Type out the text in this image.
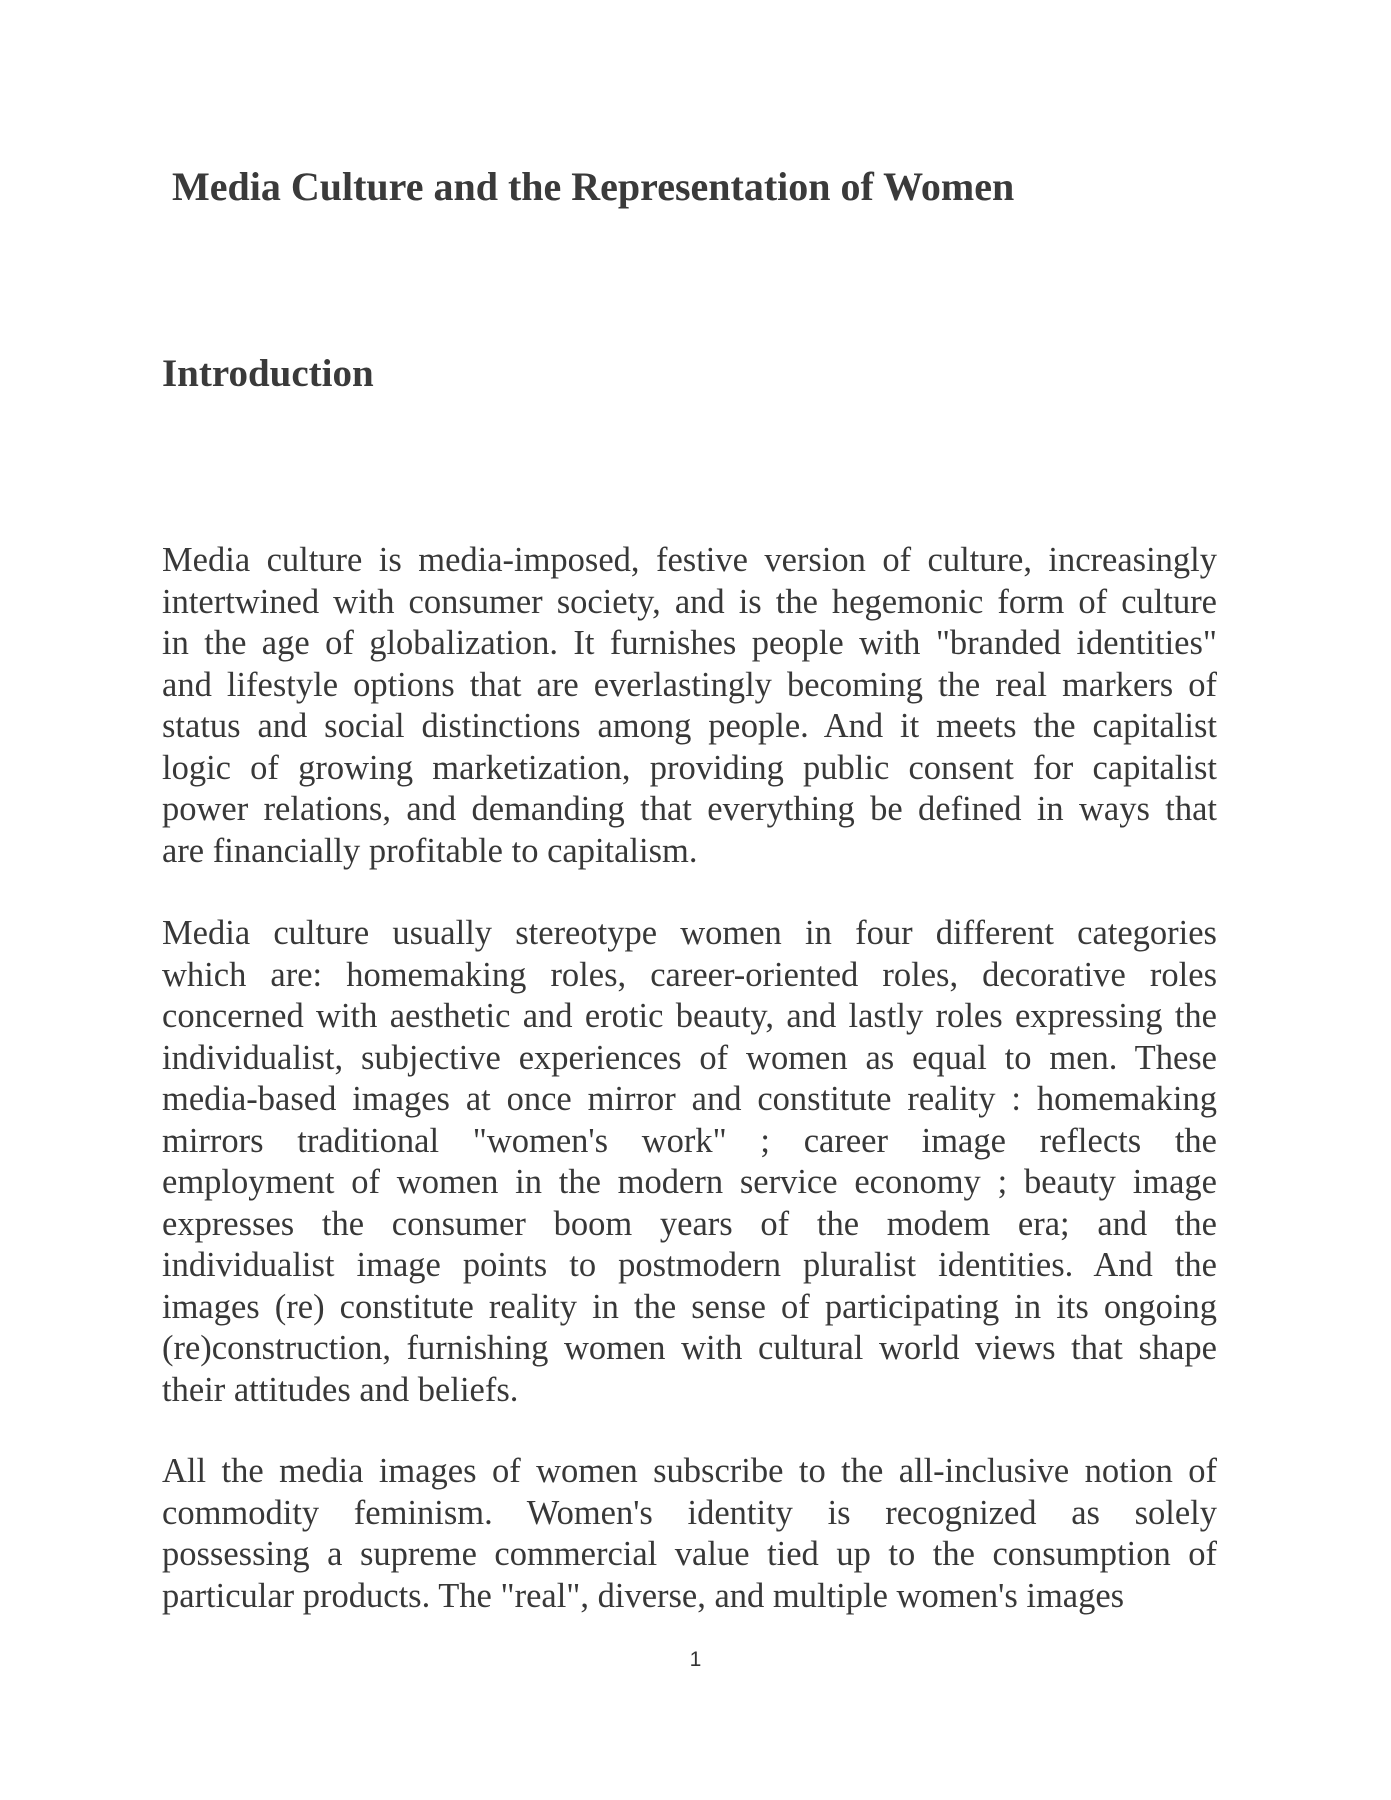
Media Culture and the Representation of Women
Introduction

Media culture is media-imposed, festive version of culture, increasingly
intertwined with consumer society, and is the hegemonic form of culture
in the age of globalization. It furnishes people with "branded identities"
and lifestyle options that are everlastingly becoming the real markers of
status and social distinctions among people. And it meets the capitalist
logic of growing marketization, providing public consent for capitalist
power relations, and demanding that everything be defined in ways that
are financially profitable to capitalism.

Media culture usually stereotype women in four different categories
which are: homemaking roles, career-oriented roles, decorative roles
concerned with aesthetic and erotic beauty, and lastly roles expressing the
individualist, subjective experiences of women as equal to men. These
media-based images at once mirror and constitute reality : homemaking
mirrors traditional "women's work" ; career image reflects the
employment of women in the modern service economy ; beauty image
expresses the consumer boom years of the modem era; and the
individualist image points to postmodern pluralist identities. And the
images (re) constitute reality in the sense of participating in its ongoing
(re)construction, furnishing women with cultural world views that shape
their attitudes and beliefs.

All the media images of women subscribe to the all-inclusive notion of
commodity feminism. Women's identity is recognized as solely
possessing a supreme commercial value tied up to the consumption of
particular products. The "real", diverse, and multiple women's images

1
